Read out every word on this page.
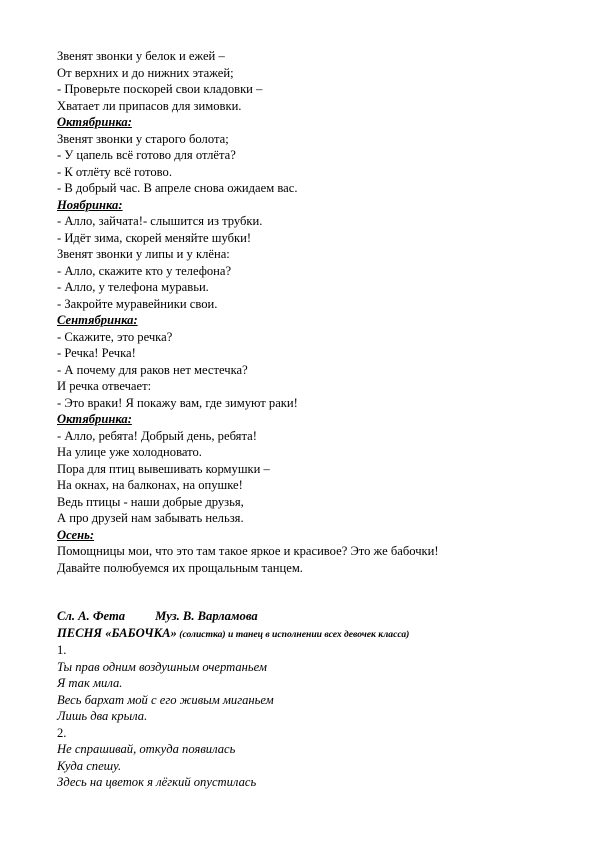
Звенят звонки у белок и ежей –
От верхних и до нижних этажей;
- Проверьте поскорей свои кладовки –
Хватает ли припасов для зимовки.
Октябринка:
Звенят звонки у старого болота;
- У цапель всё готово для отлёта?
- К отлёту всё готово.
- В добрый час. В апреле снова ожидаем вас.
Ноябринка:
- Алло, зайчата!- слышится из трубки.
- Идёт зима, скорей меняйте шубки!
Звенят звонки у липы и у клёна:
- Алло, скажите кто у телефона?
- Алло, у телефона муравьи.
- Закройте муравейники свои.
Сентябринка:
- Скажите, это речка?
- Речка! Речка!
- А почему для раков нет местечка?
И речка отвечает:
- Это враки! Я покажу вам, где зимуют раки!
Октябринка:
- Алло, ребята! Добрый день, ребята!
На улице уже холодновато.
Пора для птиц вывешивать кормушки –
На окнах, на балконах, на опушке!
Ведь птицы - наши добрые друзья,
А про друзей нам забывать нельзя.
Осень:
Помощницы мои, что это там такое яркое и красивое? Это же бабочки!
Давайте полюбуемся их прощальным танцем.
Сл. А. Фета Муз. В. Варламова
ПЕСНЯ «БАБОЧКА» (солистка) и танец в исполнении всех девочек класса)
1.
Ты прав одним воздушным очертаньем
Я так мила.
Весь бархат мой с его живым миганьем
Лишь два крыла.
2.
Не спрашивай, откуда появилась
Куда спешу.
Здесь на цветок я лёгкий опустилась
